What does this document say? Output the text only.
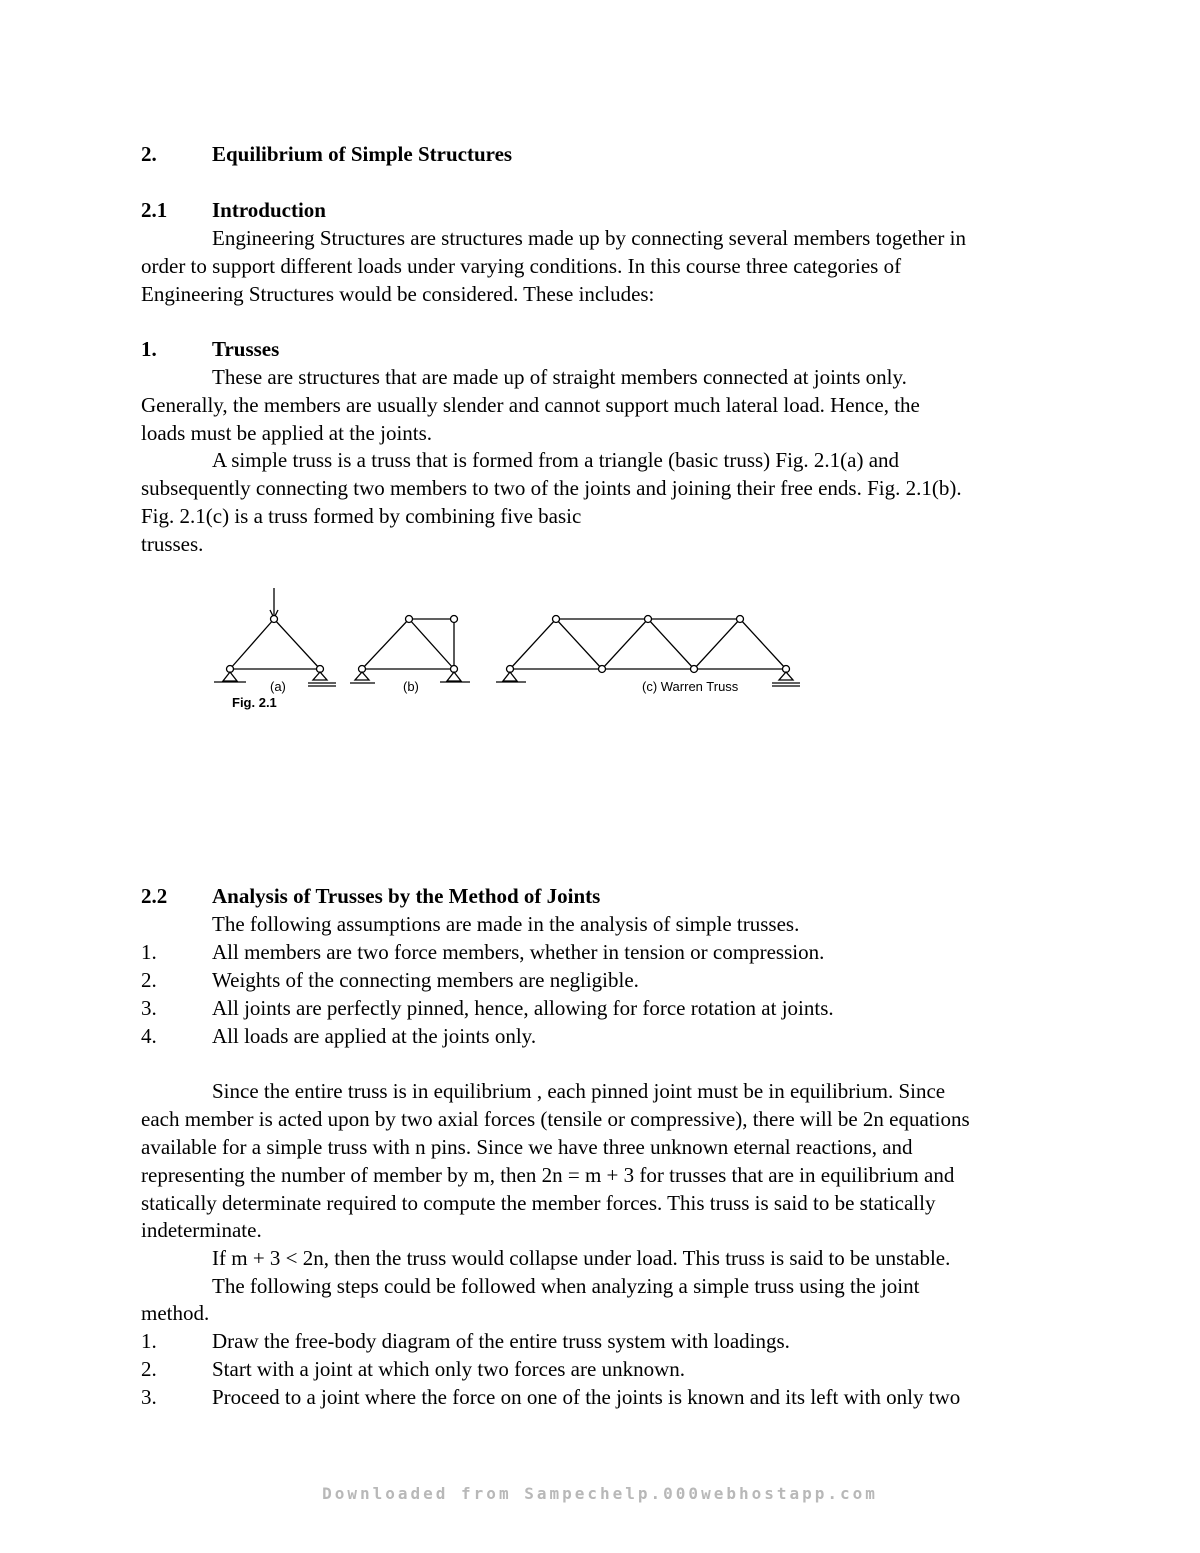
2.	Equilibrium of Simple Structures
2.1 Introduction
Engineering Structures are structures made up by connecting several members together in
order to support different loads under varying conditions. In this course three categories of
Engineering Structures would be considered. These includes:
1.	Trusses
These are structures that are made up of straight members connected at joints only.
Generally, the members are usually slender and cannot support much lateral load. Hence, the
loads must be applied at the joints.
A simple truss is a truss that is formed from a triangle (basic truss) Fig. 2.1(a) and
subsequently connecting two members to two of the joints and joining their free ends. Fig. 2.1(b).
Fig. 2.1(c) is a truss formed by combining five basic
trusses.
(a)	(b)	(c) Warren Truss
Fig. 2.1
2.2 Analysis of Trusses by the Method of Joints
The following assumptions are made in the analysis of simple trusses.
1.	All members are two force members, whether in tension or compression.
2.	Weights of the connecting members are negligible.
3.	All joints are perfectly pinned, hence, allowing for force rotation at joints.
4.	All loads are applied at the joints only.
Since the entire truss is in equilibrium , each pinned joint must be in equilibrium. Since
each member is acted upon by two axial forces (tensile or compressive), there will be 2n equations
available for a simple truss with n pins. Since we have three unknown eternal reactions, and
representing the number of member by m, then 2n = m + 3 for trusses that are in equilibrium and
statically determinate required to compute the member forces. This truss is said to be statically
indeterminate.
If m + 3 < 2n, then the truss would collapse under load. This truss is said to be unstable.
The following steps could be followed when analyzing a simple truss using the joint
method.
1.	Draw the free-body diagram of the entire truss system with loadings.
2.	Start with a joint at which only two forces are unknown.
3.	Proceed to a joint where the force on one of the joints is known and its left with only two
Downloaded from Sampechelp.000webhostapp.com
